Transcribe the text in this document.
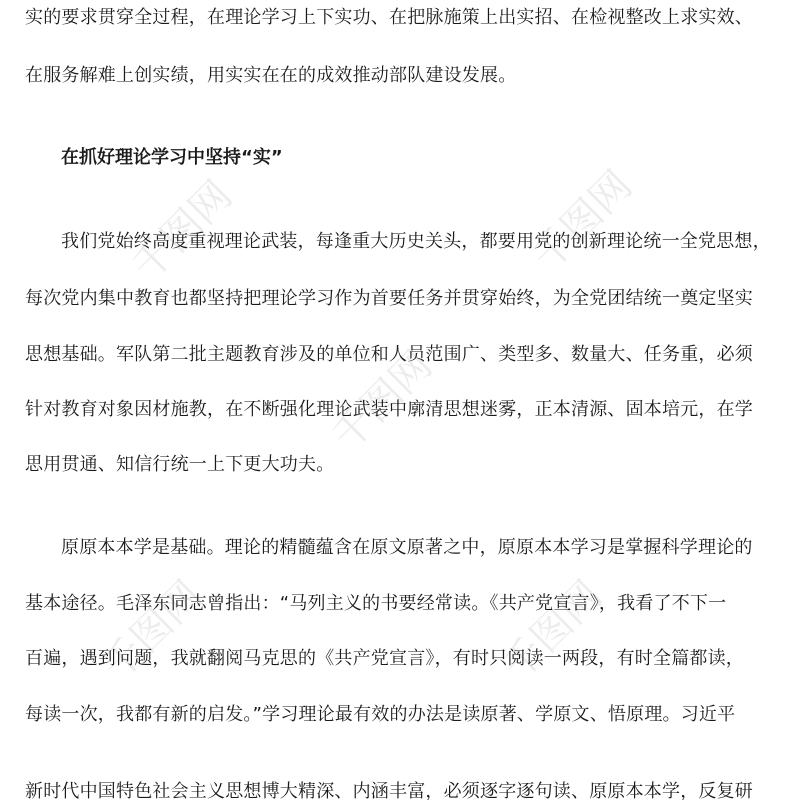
千图网
千图网
千图网
千图网	千图网
实的要求贯穿全过程，在理论学习上下实功、在把脉施策上出实招、在检视整改上求实效、
在服务解难上创实绩，用实实在在的成效推动部队建设发展。
在抓好理论学习中坚持“实”
我们党始终高度重视理论武装，每逢重大历史关头，都要用党的创新理论统一全党思想，
每次党内集中教育也都坚持把理论学习作为首要任务并贯穿始终，为全党团结统一奠定坚实
思想基础。军队第二批主题教育涉及的单位和人员范围广、类型多、数量大、任务重，必须
针对教育对象因材施教，在不断强化理论武装中廓清思想迷雾，正本清源、固本培元，在学
思用贯通、知信行统一上下更大功夫。
原原本本学是基础。理论的精髓蕴含在原文原著之中，原原本本学习是掌握科学理论的
基本途径。毛泽东同志曾指出：“马列主义的书要经常读。《共产党宣言》，我看了不下一
百遍，遇到问题，我就翻阅马克思的《共产党宣言》，有时只阅读一两段，有时全篇都读，
每读一次，我都有新的启发。”学习理论最有效的办法是读原著、学原文、悟原理。习近平
新时代中国特色社会主义思想博大精深、内涵丰富，必须逐字逐句读、原原本本学，反复研
